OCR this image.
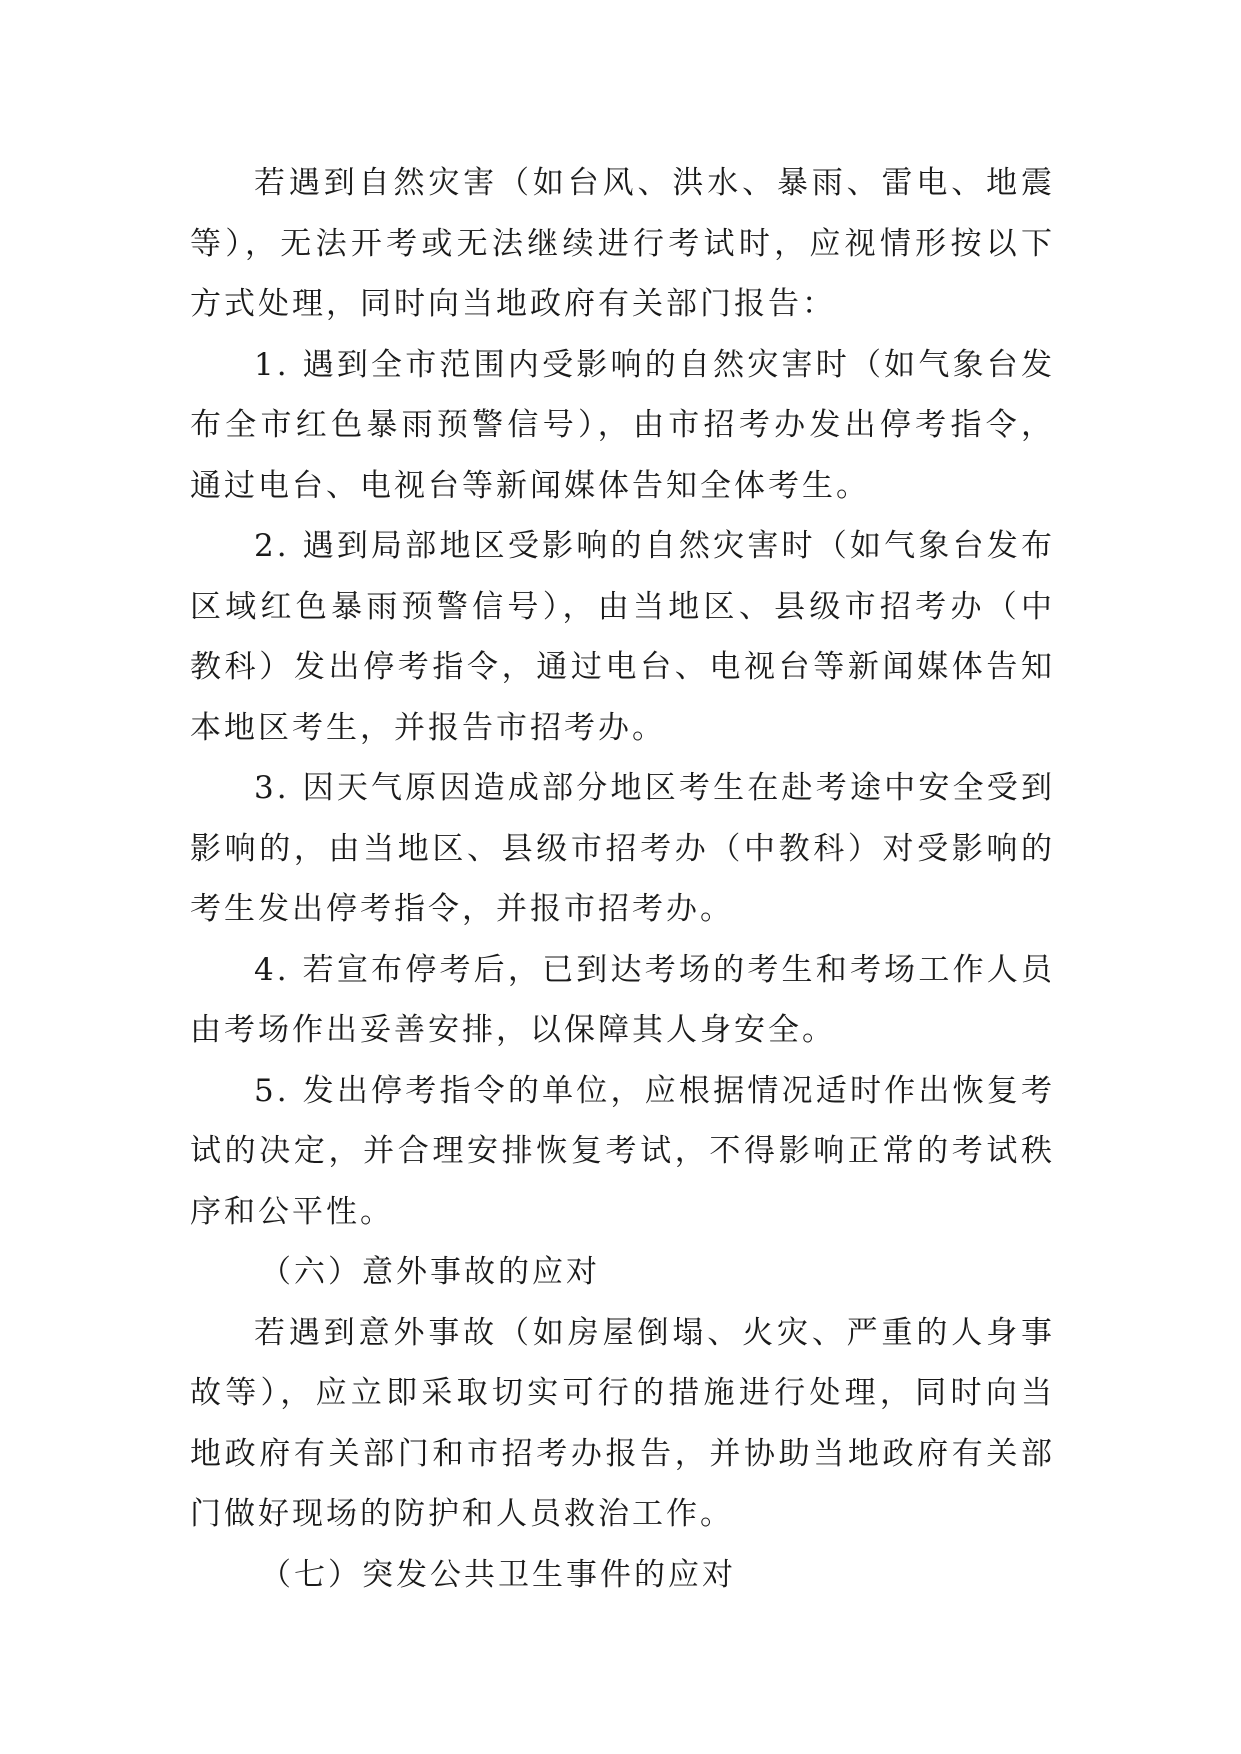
若遇到自然灾害（如台风、洪水、暴雨、雷电、地震等），无法开考或无法继续进行考试时，应视情形按以下方式处理，同时向当地政府有关部门报告：

1. 遇到全市范围内受影响的自然灾害时（如气象台发布全市红色暴雨预警信号），由市招考办发出停考指令，通过电台、电视台等新闻媒体告知全体考生。

2. 遇到局部地区受影响的自然灾害时（如气象台发布区域红色暴雨预警信号），由当地区、县级市招考办（中教科）发出停考指令，通过电台、电视台等新闻媒体告知本地区考生，并报告市招考办。

3. 因天气原因造成部分地区考生在赴考途中安全受到影响的，由当地区、县级市招考办（中教科）对受影响的考生发出停考指令，并报市招考办。

4. 若宣布停考后，已到达考场的考生和考场工作人员由考场作出妥善安排，以保障其人身安全。

5. 发出停考指令的单位，应根据情况适时作出恢复考试的决定，并合理安排恢复考试，不得影响正常的考试秩序和公平性。

（六）意外事故的应对

若遇到意外事故（如房屋倒塌、火灾、严重的人身事故等），应立即采取切实可行的措施进行处理，同时向当地政府有关部门和市招考办报告，并协助当地政府有关部门做好现场的防护和人员救治工作。

（七）突发公共卫生事件的应对
